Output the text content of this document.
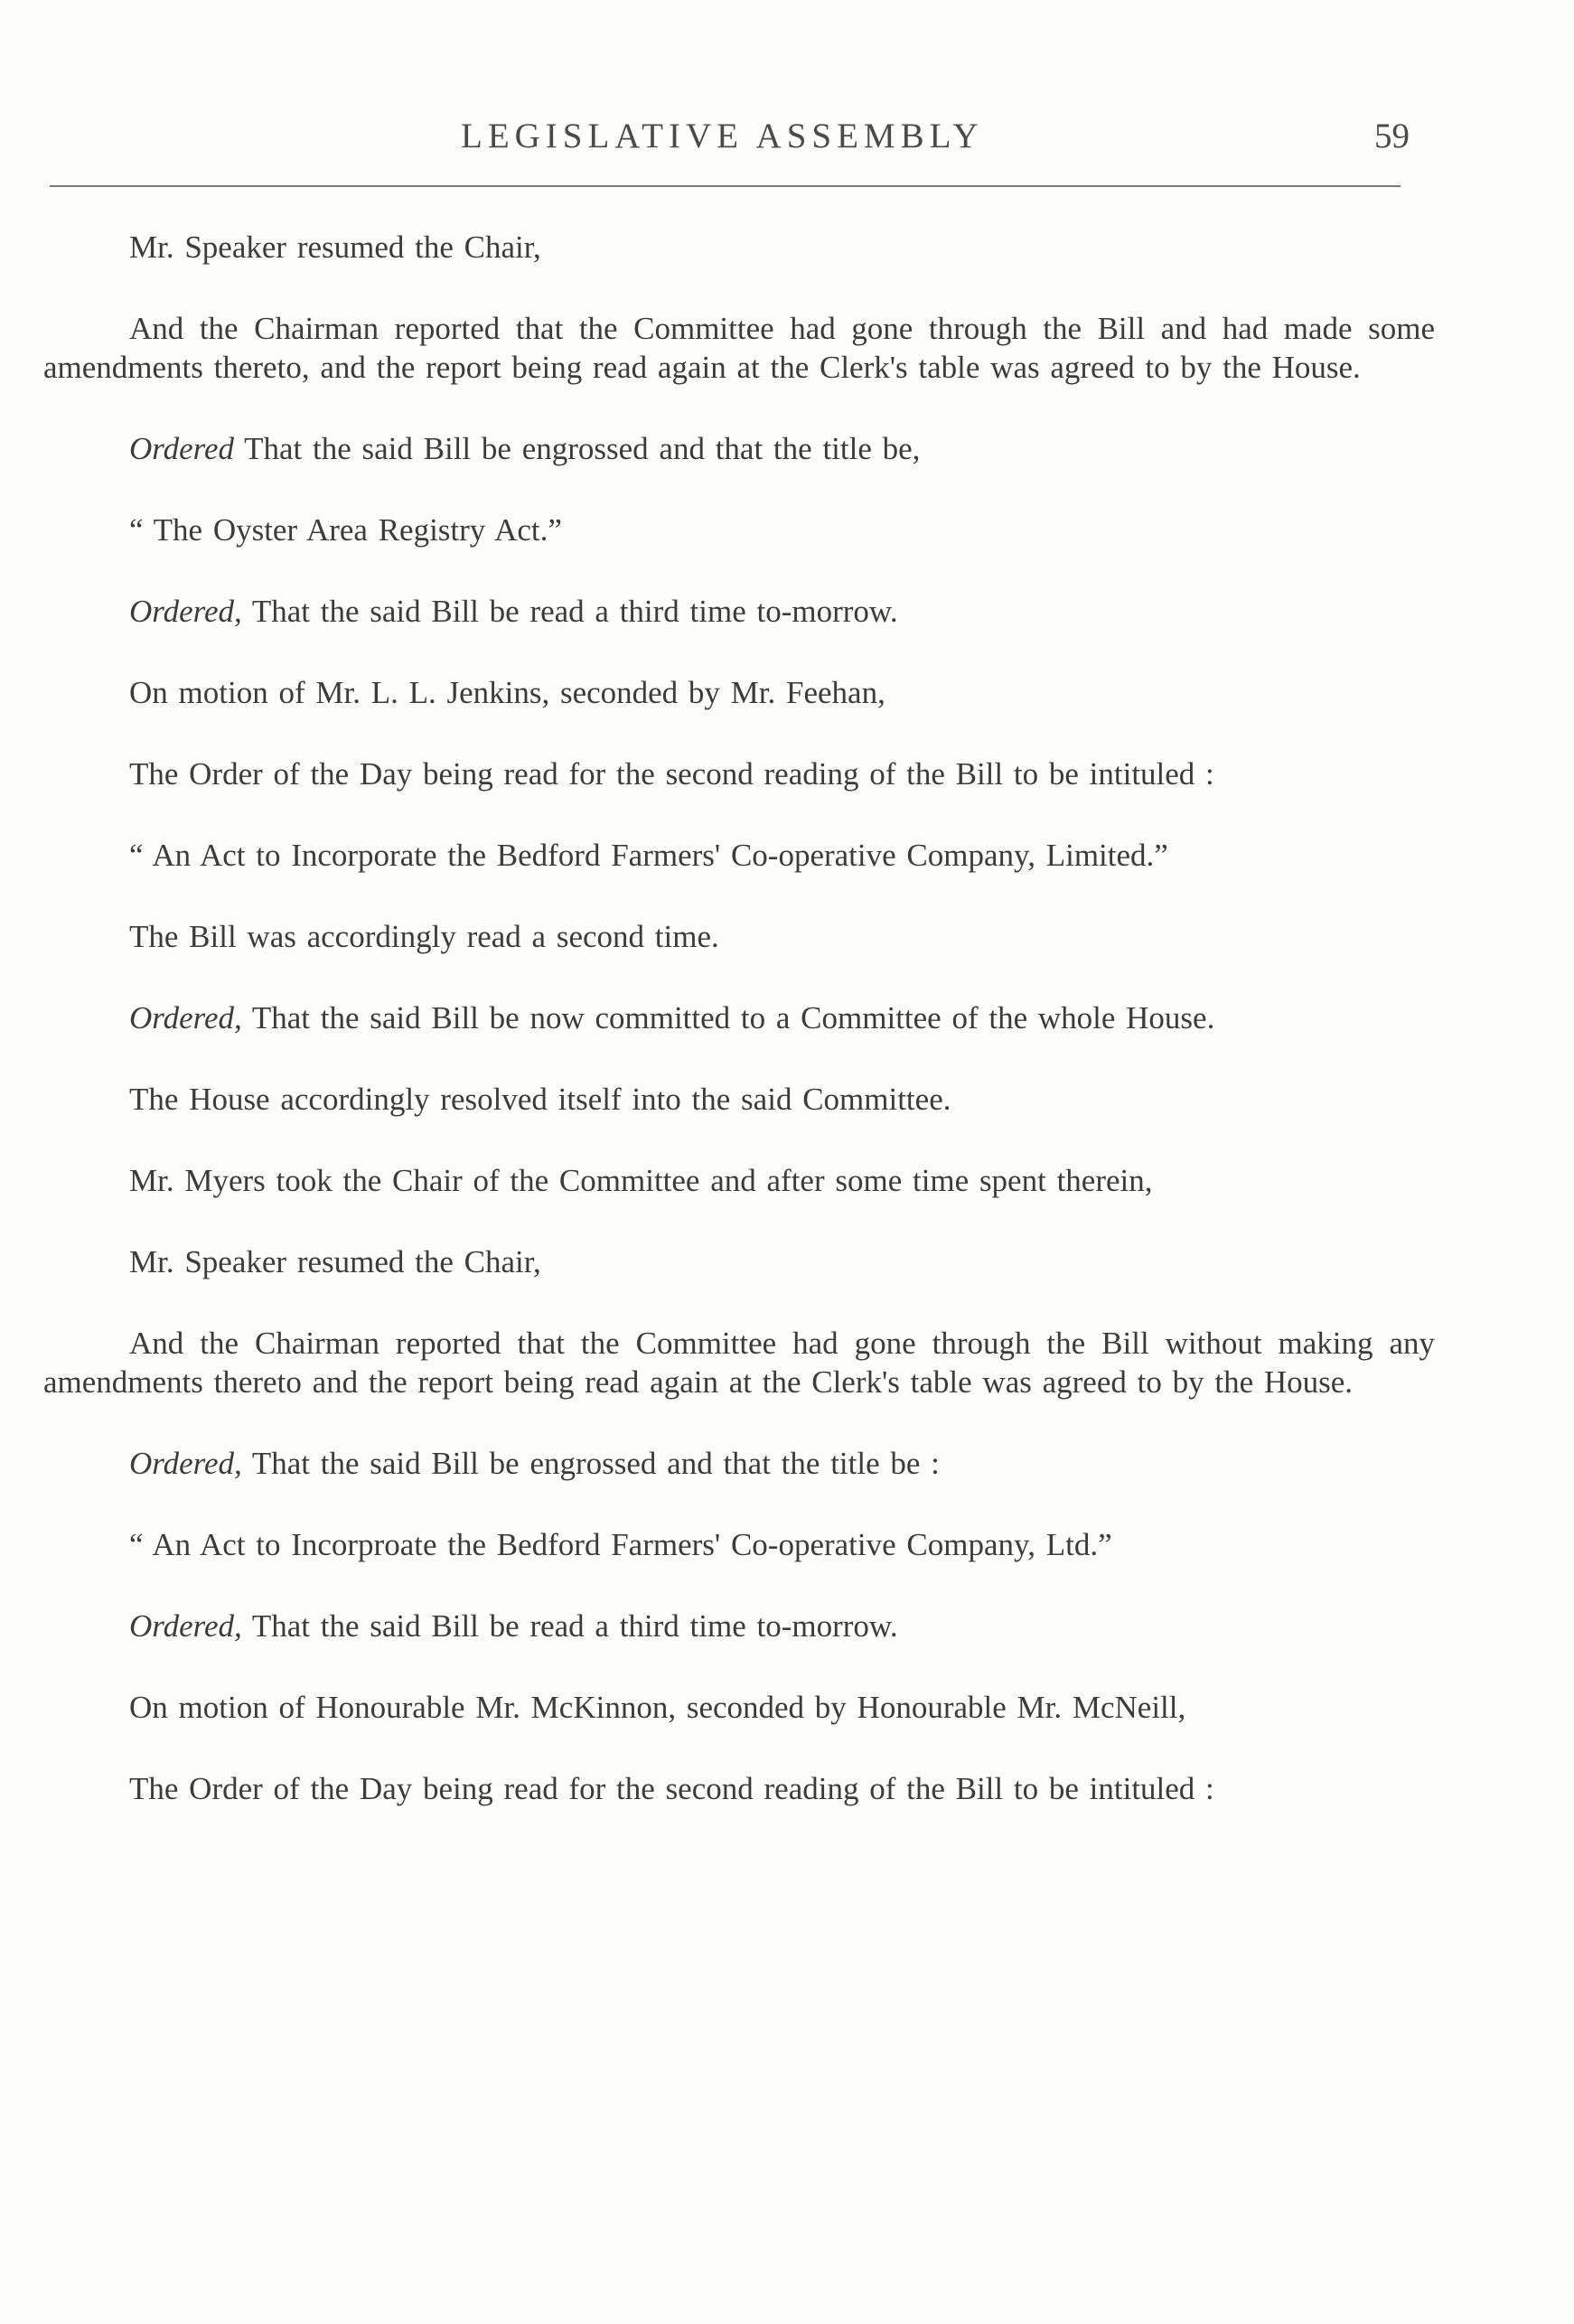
LEGISLATIVE ASSEMBLY	59

Mr. Speaker resumed the Chair,

And the Chairman reported that the Committee had gone through the Bill and had made some amendments thereto, and the report being read again at the Clerk's table was agreed to by the House.

Ordered That the said Bill be engrossed and that the title be,

“ The Oyster Area Registry Act.”

Ordered, That the said Bill be read a third time to-morrow.

On motion of Mr. L. L. Jenkins, seconded by Mr. Feehan,

The Order of the Day being read for the second reading of the Bill to be intituled :

“ An Act to Incorporate the Bedford Farmers' Co-operative Company, Limited.”

The Bill was accordingly read a second time.

Ordered, That the said Bill be now committed to a Committee of the whole House.

The House accordingly resolved itself into the said Committee.

Mr. Myers took the Chair of the Committee and after some time spent therein,

Mr. Speaker resumed the Chair,

And the Chairman reported that the Committee had gone through the Bill without making any amendments thereto and the report being read again at the Clerk's table was agreed to by the House.

Ordered, That the said Bill be engrossed and that the title be :

“ An Act to Incorproate the Bedford Farmers' Co-operative Company, Ltd.”

Ordered, That the said Bill be read a third time to-morrow.

On motion of Honourable Mr. McKinnon, seconded by Honourable Mr. McNeill,

The Order of the Day being read for the second reading of the Bill to be intituled :
